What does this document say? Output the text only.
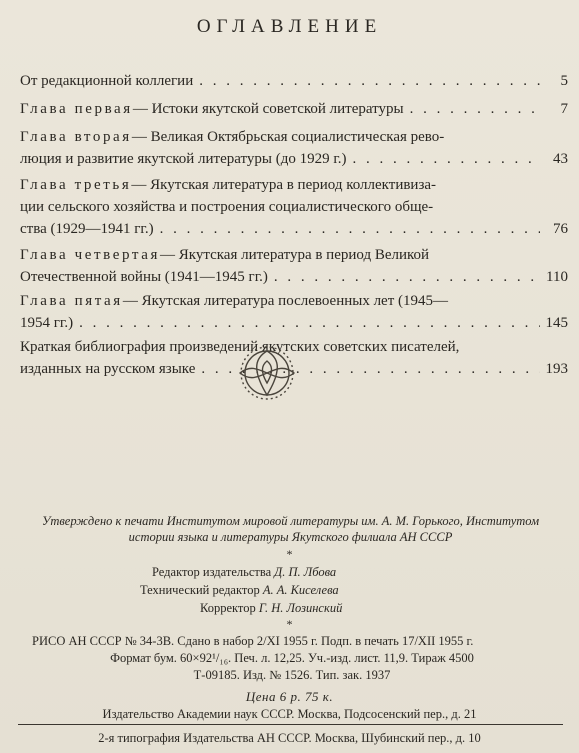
ОГЛАВЛЕНИЕ
От редакционной коллегии . . .	5
Глава первая — Истоки якутской советской литературы . . .	7
Глава вторая — Великая Октябрьская социалистическая рево-
люция и развитие якутской литературы (до 1929 г.) . . .	43
Глава третья — Якутская литература в период коллективиза-
ции сельского хозяйства и построения социалистического обще-
ства (1929—1941 гг.) . . .	76
Глава четвертая — Якутская литература в период Великой
Отечественной войны (1941—1945 гг.) . . .	110
Глава пятая — Якутская литература послевоенных лет (1945—
1954 гг.) . . .	145
Краткая библиография произведений якутских советских писателей,
изданных на русском языке . . .	193
Утверждено к печати Институтом мировой литературы им. А. М. Горького, Институтом истории языка и литературы Якутского филиала АН СССР
*
Редактор издательства Д. П. Лбова
Технический редактор А. А. Киселева
Корректор Г. Н. Лозинский
*
РИСО АН СССР № 34-3В. Сдано в набор 2/XI 1955 г. Подп. в печать 17/XII 1955 г.
Формат бум. 60×92¹/₁₆. Печ. л. 12,25. Уч.-изд. лист. 11,9. Тираж 4500
Т-09185. Изд. № 1526. Тип. зак. 1937
Цена 6 р. 75 к.
Издательство Академии наук СССР. Москва, Подсосенский пер., д. 21
2-я типография Издательства АН СССР. Москва, Шубинский пер., д. 10
